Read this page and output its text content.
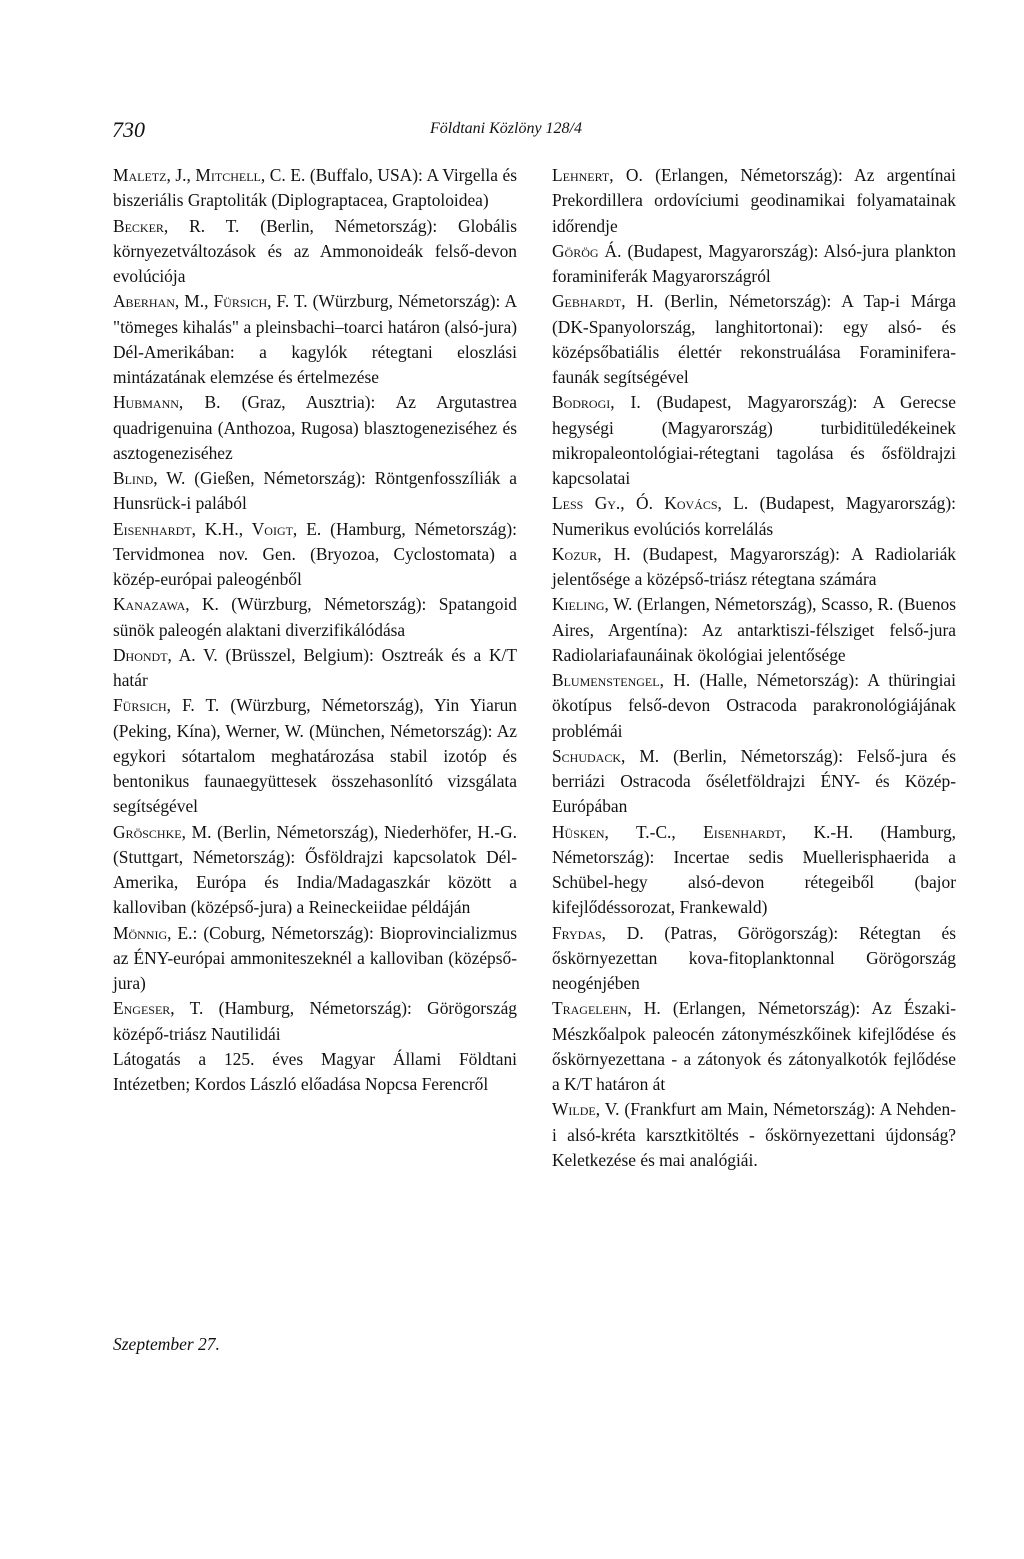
730	Földtani Közlöny 128/4

Maletz, J., Mitchell, C. E. (Buffalo, USA): A Virgella és biszeriális Graptoliták (Diplograptacea, Graptoloidea)

Becker, R. T. (Berlin, Németország): Globális környezetváltozások és az Ammonoideák felső-devon evolúciója

Aberhan, M., Fürsich, F. T. (Würzburg, Németország): A "tömeges kihalás" a pleinsbachi–toarci határon (alsó-jura) Dél-Amerikában: a kagylók rétegtani eloszlási mintázatának elemzése és értelmezése

Hubmann, B. (Graz, Ausztria): Az Argutastrea quadrigenuina (Anthozoa, Rugosa) blasztogeneziséhez és asztogeneziséhez

Blind, W. (Gießen, Németország): Röntgenfosszíliák a Hunsrück-i palából

Eisenhardt, K.H., Voigt, E. (Hamburg, Németország): Tervidmonea nov. Gen. (Bryozoa, Cyclostomata) a közép-európai paleogénből

Kanazawa, K. (Würzburg, Németország): Spatangoid sünök paleogén alaktani diverzifikálódása

Dhondt, A. V. (Brüsszel, Belgium): Osztreák és a K/T határ

Fürsich, F. T. (Würzburg, Németország), Yin Yiarun (Peking, Kína), Werner, W. (München, Németország): Az egykori sótartalom meghatározása stabil izotóp és bentonikus faunaegyüttesek összehasonlító vizsgálata segítségével

Gröschke, M. (Berlin, Németország), Niederhöfer, H.-G. (Stuttgart, Németország): Ősföldrajzi kapcsolatok Dél-Amerika, Európa és India/Madagaszkár között a kalloviban (középső-jura) a Reineckeiidae példáján

Mönnig, E.: (Coburg, Németország): Bioprovincializmus az ÉNY-európai ammoniteszeknél a kalloviban (középső-jura)

Engeser, T. (Hamburg, Németország): Görögország középő-triász Nautilidái

Látogatás a 125. éves Magyar Állami Földtani Intézetben; Kordos László előadása Nopcsa Ferencről

Szeptember 27.

Lehnert, O. (Erlangen, Németország): Az argentínai Prekordillera ordovíciumi geodinamikai folyamatainak időrendje

Görög Á. (Budapest, Magyarország): Alsó-jura plankton foraminiferák Magyarországról

Gebhardt, H. (Berlin, Németország): A Tap-i Márga (DK-Spanyolország, langhitortonai): egy alsó- és középsőbatiális élettér rekonstruálása Foraminifera-faunák segítségével

Bodrogi, I. (Budapest, Magyarország): A Gerecse hegységi (Magyarország) turbiditüledékeinek mikropaleontológiai-rétegtani tagolása és ősföldrajzi kapcsolatai

Less Gy., Ó. Kovács, L. (Budapest, Magyarország): Numerikus evolúciós korrelálás

Kozur, H. (Budapest, Magyarország): A Radiolariák jelentősége a középső-triász rétegtana számára

Kieling, W. (Erlangen, Németország), Scasso, R. (Buenos Aires, Argentína): Az antarktiszi-félsziget felső-jura Radiolariafaunáinak ökológiai jelentősége

Blumenstengel, H. (Halle, Németország): A thüringiai ökotípus felső-devon Ostracoda parakronológiájának problémái

Schudack, M. (Berlin, Németország): Felső-jura és berriázi Ostracoda őséletföldrajzi ÉNY- és Közép-Európában

Hüsken, T.-C., Eisenhardt, K.-H. (Hamburg, Németország): Incertae sedis Muellerisphaerida a Schübel-hegy alsó-devon rétegeiből (bajor kifejlődéssorozat, Frankewald)

Frydas, D. (Patras, Görögország): Rétegtan és őskörnyezettan kova-fitoplanktonnal Görögország neogénjében

Tragelehn, H. (Erlangen, Németország): Az Északi-Mészkőalpok paleocén zátonymészkőinek kifejlődése és őskörnyezettana - a zátonyok és zátonyalkotók fejlődése a K/T határon át

Wilde, V. (Frankfurt am Main, Németország): A Nehden-i alsó-kréta karsztkitöltés - őskörnyezettani újdonság? Keletkezése és mai analógiái.
